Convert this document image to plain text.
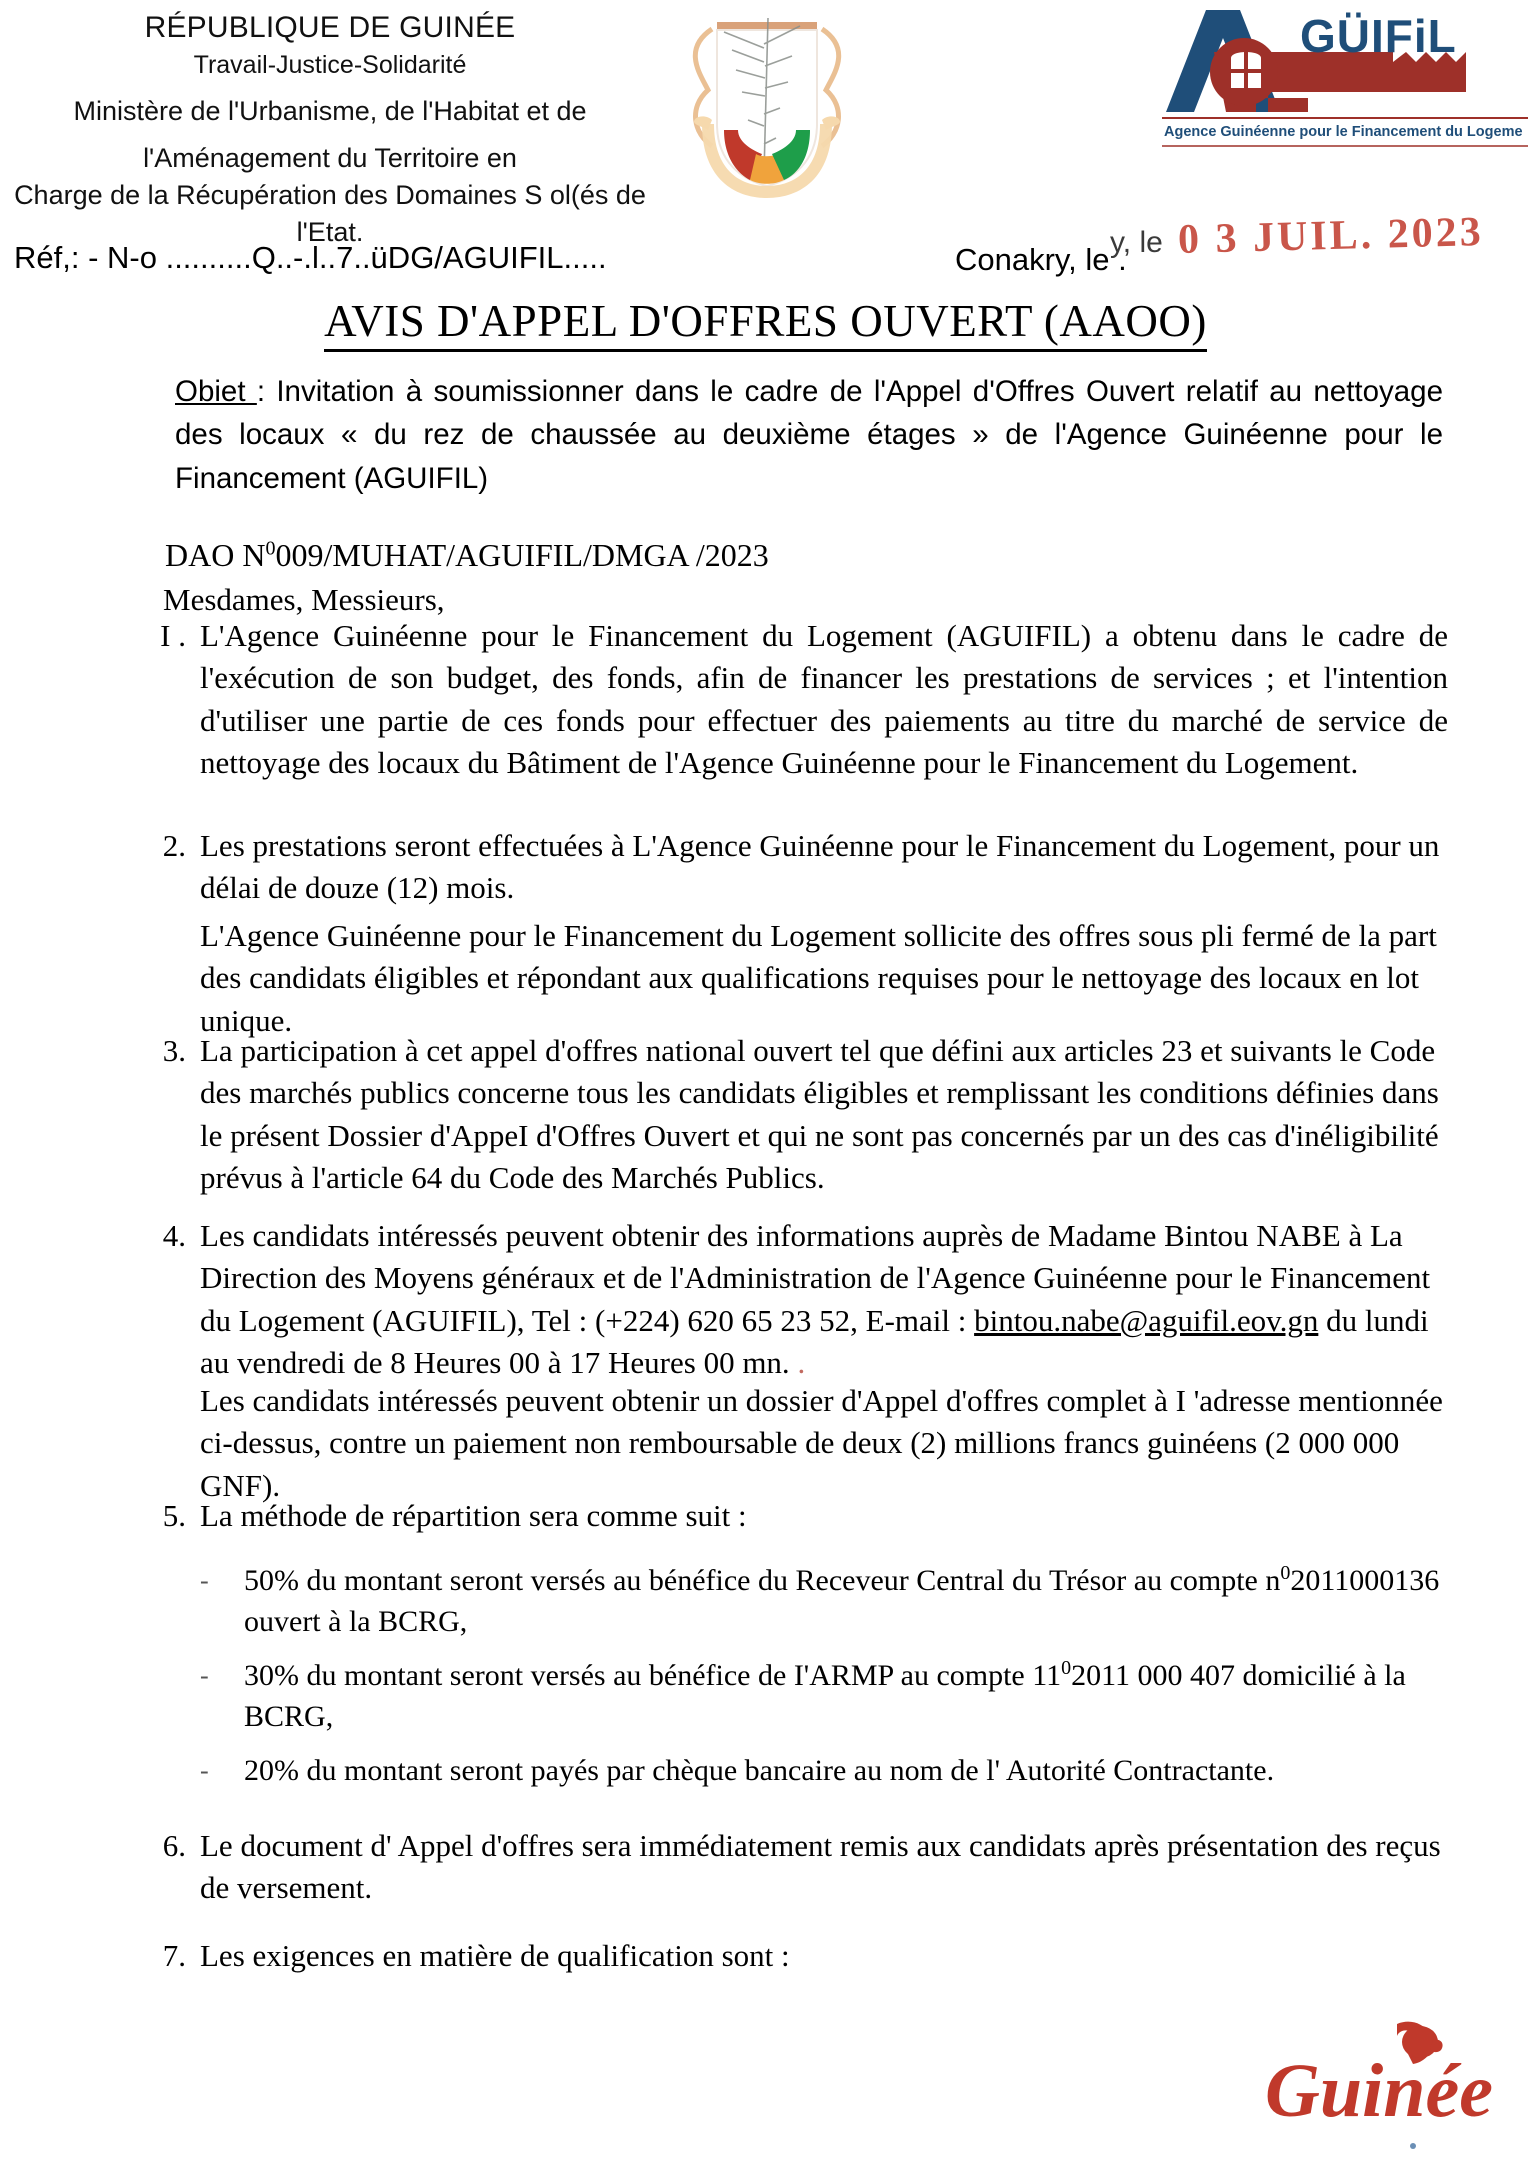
RÉPUBLIQUE DE GUINÉE
Travail-Justice-Solidarité
Ministère de l'Urbanisme, de l'Habitat et de
l'Aménagement du Territoire en
Charge de la Récupération des Domaines S ol(és de
l'Etat.
GÜIFiL
Agence Guinéenne pour le Financement du Logeme
Réf,: - N-o ..........Q..-.l..7..üDG/AGUIFIL.....	Conakry, le .
y, le 0 3 JUIL. 2023
AVIS D'APPEL D'OFFRES OUVERT (AAOO)
Obiet : Invitation à soumissionner dans le cadre de l'Appel d'Offres Ouvert relatif au nettoyage des locaux « du rez de chaussée au deuxième étages » de l'Agence Guinéenne pour le Financement (AGUIFIL)
DAO $N^0009/MUHAT/AGUIFIL$/DMGA /2023
Mesdames, Messieurs,
I . L'Agence Guinéenne pour le Financement du Logement (AGUIFIL) a obtenu dans le cadre de l'exécution de son budget, des fonds, afin de financer les prestations de services ; et l'intention d'utiliser une partie de ces fonds pour effectuer des paiements au titre du marché de service de nettoyage des locaux du Bâtiment de l'Agence Guinéenne pour le Financement du Logement.
2. Les prestations seront effectuées à L'Agence Guinéenne pour le Financement du Logement, pour un délai de douze (12) mois.
L'Agence Guinéenne pour le Financement du Logement sollicite des offres sous pli fermé de la part des candidats éligibles et répondant aux qualifications requises pour le nettoyage des locaux en lot unique.
3. La participation à cet appel d'offres national ouvert tel que défini aux articles 23 et suivants le Code des marchés publics concerne tous les candidats éligibles et remplissant les conditions définies dans le présent Dossier d'AppeI d'Offres Ouvert et qui ne sont pas concernés par un des cas d'inéligibilité prévus à l'article 64 du Code des Marchés Publics.
4. Les candidats intéressés peuvent obtenir des informations auprès de Madame Bintou NABE à La Direction des Moyens généraux et de l'Administration de l'Agence Guinéenne pour le Financement du Logement (AGUIFIL), Tel : (+224) 620 65 23 52, E-mail : bintou.nabe@aguifil.eov.gn du lundi au vendredi de 8 Heures 00 à 17 Heures 00 mn. .
Les candidats intéressés peuvent obtenir un dossier d'Appel d'offres complet à I 'adresse mentionnée ci-dessus, contre un paiement non remboursable de deux (2) millions francs guinéens (2 000 000 GNF).
5. La méthode de répartition sera comme suit :
-	50% du montant seront versés au bénéfice du Receveur Central du Trésor au compte $n^02011000136$ ouvert à la BCRG,
-	30% du montant seront versés au bénéfice de I'ARMP au compte $11^02011$ 000 407 domicilié à la BCRG,
-	20% du montant seront payés par chèque bancaire au nom de l' Autorité Contractante.
6. Le document d' Appel d'offres sera immédiatement remis aux candidats après présentation des reçus de versement.
7. Les exigences en matière de qualification sont :
Guinée
